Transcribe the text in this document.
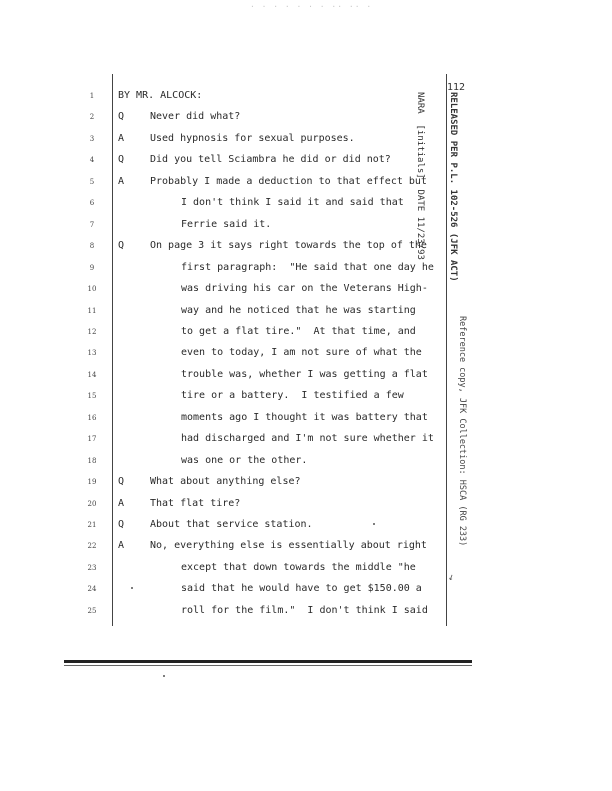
· · · · · · · ·· ·· ·
112

RELEASED PER P.L. 102-526 (JFK ACT)

NARA  [initials]  DATE 11/23/93

Reference copy, JFK Collection: HSCA (RG 233)
↓
1	BY MR. ALCOCK:
2	Q	Never did what?
3	A	Used hypnosis for sexual purposes.
4	Q	Did you tell Sciambra he did or did not?
5	A	Probably I made a deduction to that effect but
6	I don't think I said it and said that
7	Ferrie said it.
8	Q	On page 3 it says right towards the top of the
9	first paragraph:  "He said that one day he
10	was driving his car on the Veterans High-
11	way and he noticed that he was starting
12	to get a flat tire."  At that time, and
13	even to today, I am not sure of what the
14	trouble was, whether I was getting a flat
15	tire or a battery.  I testified a few
16	moments ago I thought it was battery that
17	had discharged and I'm not sure whether it
18	was one or the other.
19	Q	What about anything else?
20	A	That flat tire?
21	Q	About that service station.
22	A	No, everything else is essentially about right
23	except that down towards the middle "he
24	said that he would have to get $150.00 a
25	roll for the film."  I don't think I said
